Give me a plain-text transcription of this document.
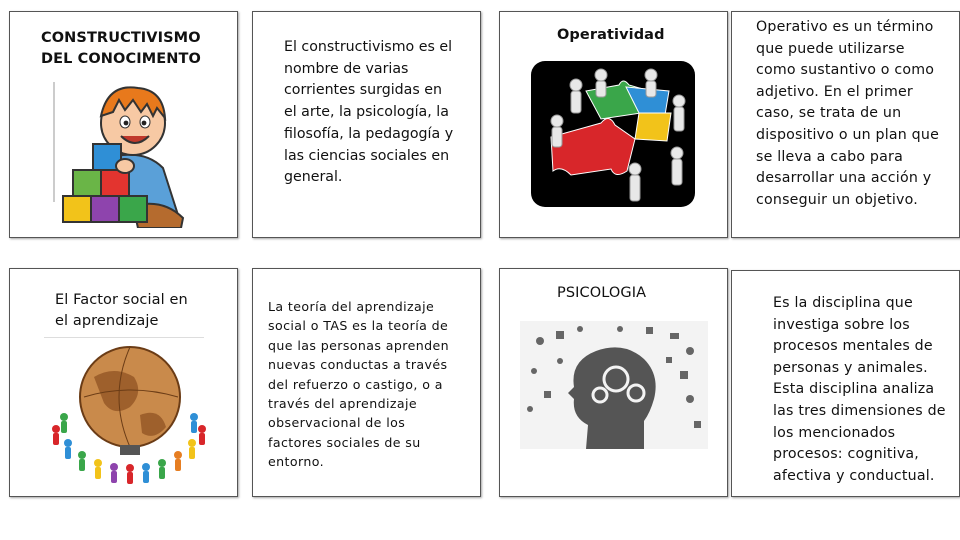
CONSTRUCTIVISMO DEL CONOCIMENTO

El constructivismo es el nombre de varias corrientes surgidas en el arte, la psicología, la filosofía, la pedagogía y las ciencias sociales en general.

Operatividad	Operativo es un término que puede utilizarse como sustantivo o como adjetivo. En el primer caso, se trata de un dispositivo o un plan que se lleva a cabo para desarrollar una acción y conseguir un objetivo.

El Factor social en el aprendizaje

La teoría del aprendizaje social o TAS es la teoría de que las personas aprenden nuevas conductas a través del refuerzo o castigo, o a través del aprendizaje observacional de los factores sociales de su entorno.

PSICOLOGIA

Es la disciplina que investiga sobre los procesos mentales de personas y animales. Esta disciplina analiza las tres dimensiones de los mencionados procesos: cognitiva, afectiva y conductual.
